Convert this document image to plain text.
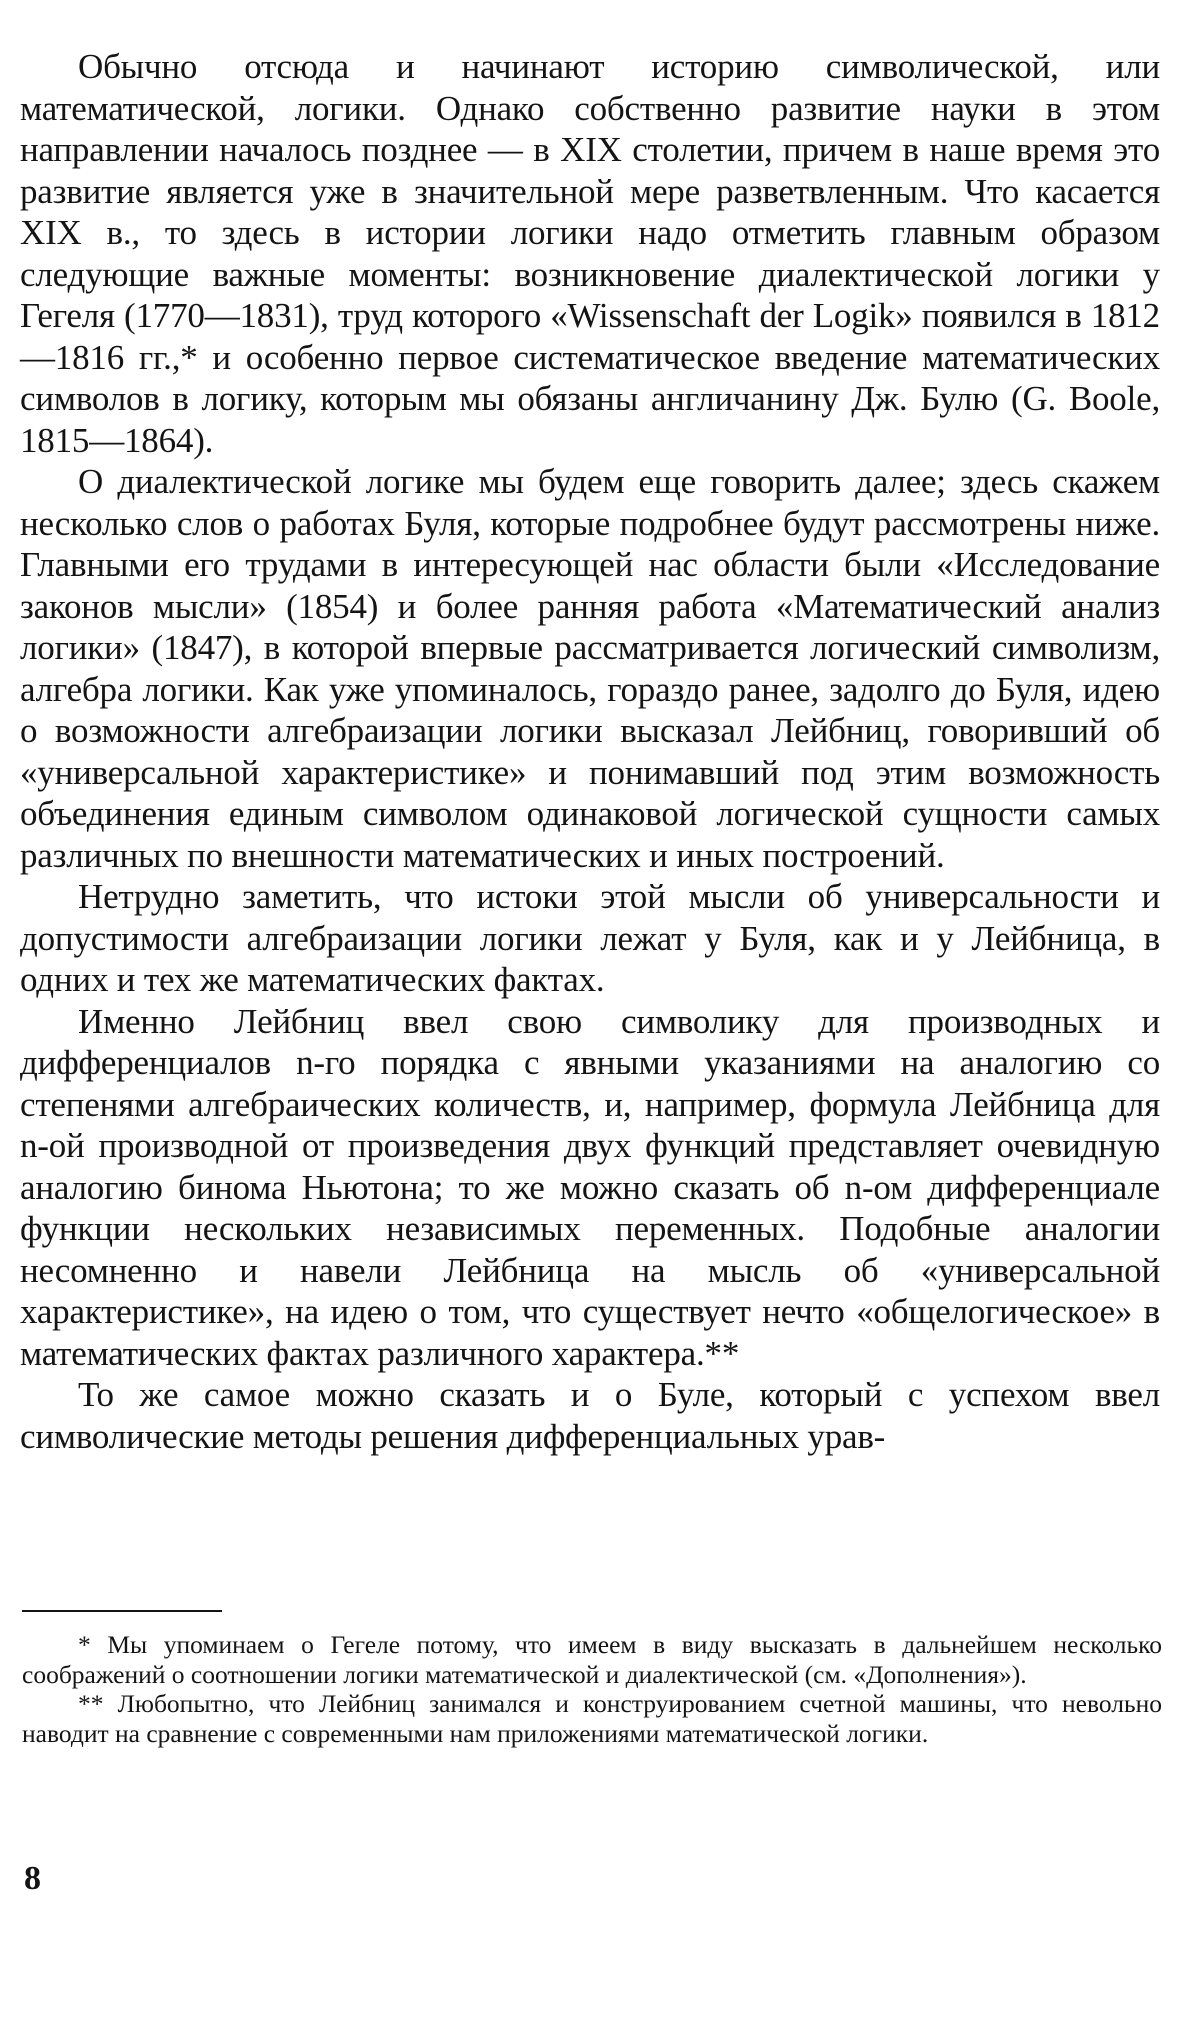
Обычно отсюда и начинают историю символической, или математической, логики. Однако собственно развитие науки в этом направлении началось позднее — в XIX столетии, причем в наше время это развитие является уже в значительной мере разветвленным. Что касается XIX в., то здесь в истории логики надо отметить главным образом следующие важные моменты: возникновение диалектической логики у Гегеля (1770—1831), труд которого «Wissenschaft der Logik» появился в 1812—1816 гг.,* и особенно первое систематическое введение математических символов в логику, которым мы обязаны англичанину Дж. Булю (G. Boole, 1815—1864).

О диалектической логике мы будем еще говорить далее; здесь скажем несколько слов о работах Буля, которые подробнее будут рассмотрены ниже. Главными его трудами в интересующей нас области были «Исследование законов мысли» (1854) и более ранняя работа «Математический анализ логики» (1847), в которой впервые рассматривается логический символизм, алгебра логики. Как уже упоминалось, гораздо ранее, задолго до Буля, идею о возможности алгебраизации логики высказал Лейбниц, говоривший об «универсальной характеристике» и понимавший под этим возможность объединения единым символом одинаковой логической сущности самых различных по внешности математических и иных построений.

Нетрудно заметить, что истоки этой мысли об универсальности и допустимости алгебраизации логики лежат у Буля, как и у Лейбница, в одних и тех же математических фактах.

Именно Лейбниц ввел свою символику для производных и дифференциалов n-го порядка с явными указаниями на аналогию со степенями алгебраических количеств, и, например, формула Лейбница для n-ой производной от произведения двух функций представляет очевидную аналогию бинома Ньютона; то же можно сказать об n-ом дифференциале функции нескольких независимых переменных. Подобные аналогии несомненно и навели Лейбница на мысль об «универсальной характеристике», на идею о том, что существует нечто «общелогическое» в математических фактах различного характера.**

То же самое можно сказать и о Буле, который с успехом ввел символические методы решения дифференциальных урав-

* Мы упоминаем о Гегеле потому, что имеем в виду высказать в дальнейшем несколько соображений о соотношении логики математической и диалектической (см. «Дополнения»).

** Любопытно, что Лейбниц занимался и конструированием счетной машины, что невольно наводит на сравнение с современными нам приложениями математической логики.

8
